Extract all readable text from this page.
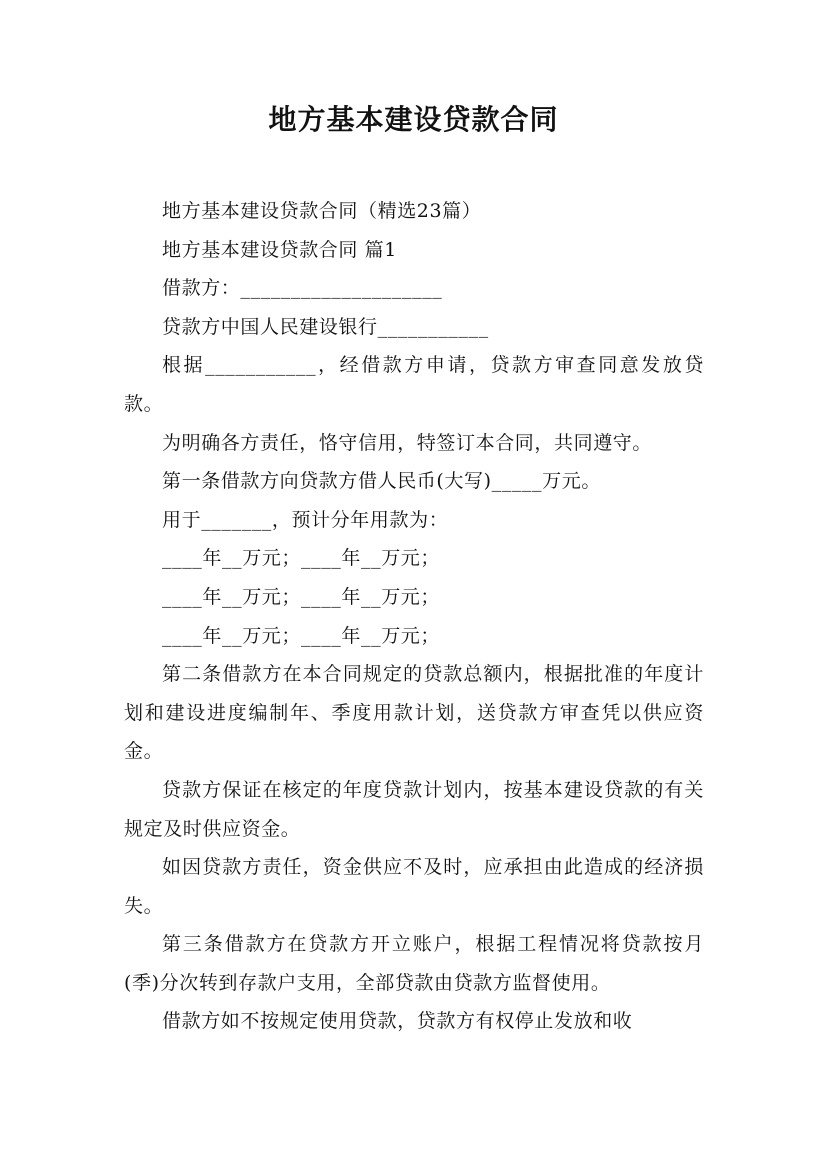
地方基本建设贷款合同

地方基本建设贷款合同（精选23篇）

地方基本建设贷款合同 篇1

借款方：____________________

贷款方中国人民建设银行___________

根据___________，经借款方申请，贷款方审查同意发放贷款。

为明确各方责任，恪守信用，特签订本合同，共同遵守。

第一条借款方向贷款方借人民币(大写)_____万元。

用于_______，预计分年用款为：

____年__万元；____年__万元；

____年__万元；____年__万元；

____年__万元；____年__万元；

第二条借款方在本合同规定的贷款总额内，根据批准的年度计划和建设进度编制年、季度用款计划，送贷款方审查凭以供应资金。

贷款方保证在核定的年度贷款计划内，按基本建设贷款的有关规定及时供应资金。

如因贷款方责任，资金供应不及时，应承担由此造成的经济损失。

第三条借款方在贷款方开立账户，根据工程情况将贷款按月(季)分次转到存款户支用，全部贷款由贷款方监督使用。

借款方如不按规定使用贷款，贷款方有权停止发放和收
